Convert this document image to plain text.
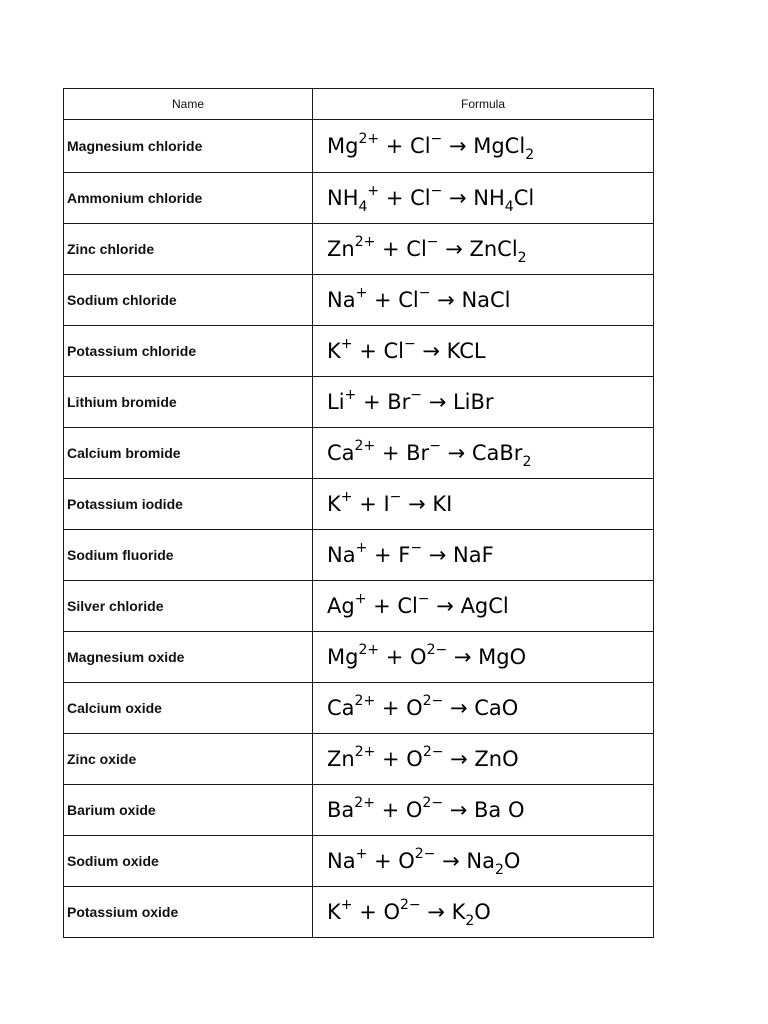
Name	Formula
Magnesium chloride	$Mg^{2+} + Cl^-$ → MgCl$_2$
Ammonium chloride	$NH_4^+ + Cl^- \to NH_4Cl$
Zinc chloride	$Zn^{2+} + Cl^-$ → ZnCl$_2$
Sodium chloride	Na+ + Cl− → NaCl
Potassium chloride	K+ + Cl− → KCL
Lithium bromide	Li+ + Br− → LiBr
Calcium bromide	$Ca^{2+} + Br^-$ → CaBr$_2$
Potassium iodide	K+ + I− → KI
Sodium fluoride	Na+ + F− → NaF
Silver chloride	Ag+ + Cl− → AgCl
Magnesium oxide	$Mg^{2+} + O^{2-}$ → MgO
Calcium oxide	$Ca^{2+} + O^{2-}$ → CaO
Zinc oxide	$Zn^{2+} + O^{2-}$ → ZnO
Barium oxide	$Ba^{2+} + O^{2-} \to Ba$ O
Sodium oxide	$Na^+ + O^{2-} \to Na_2O$
Potassium oxide	$K^+ + O^{2-} \to K_2O$
